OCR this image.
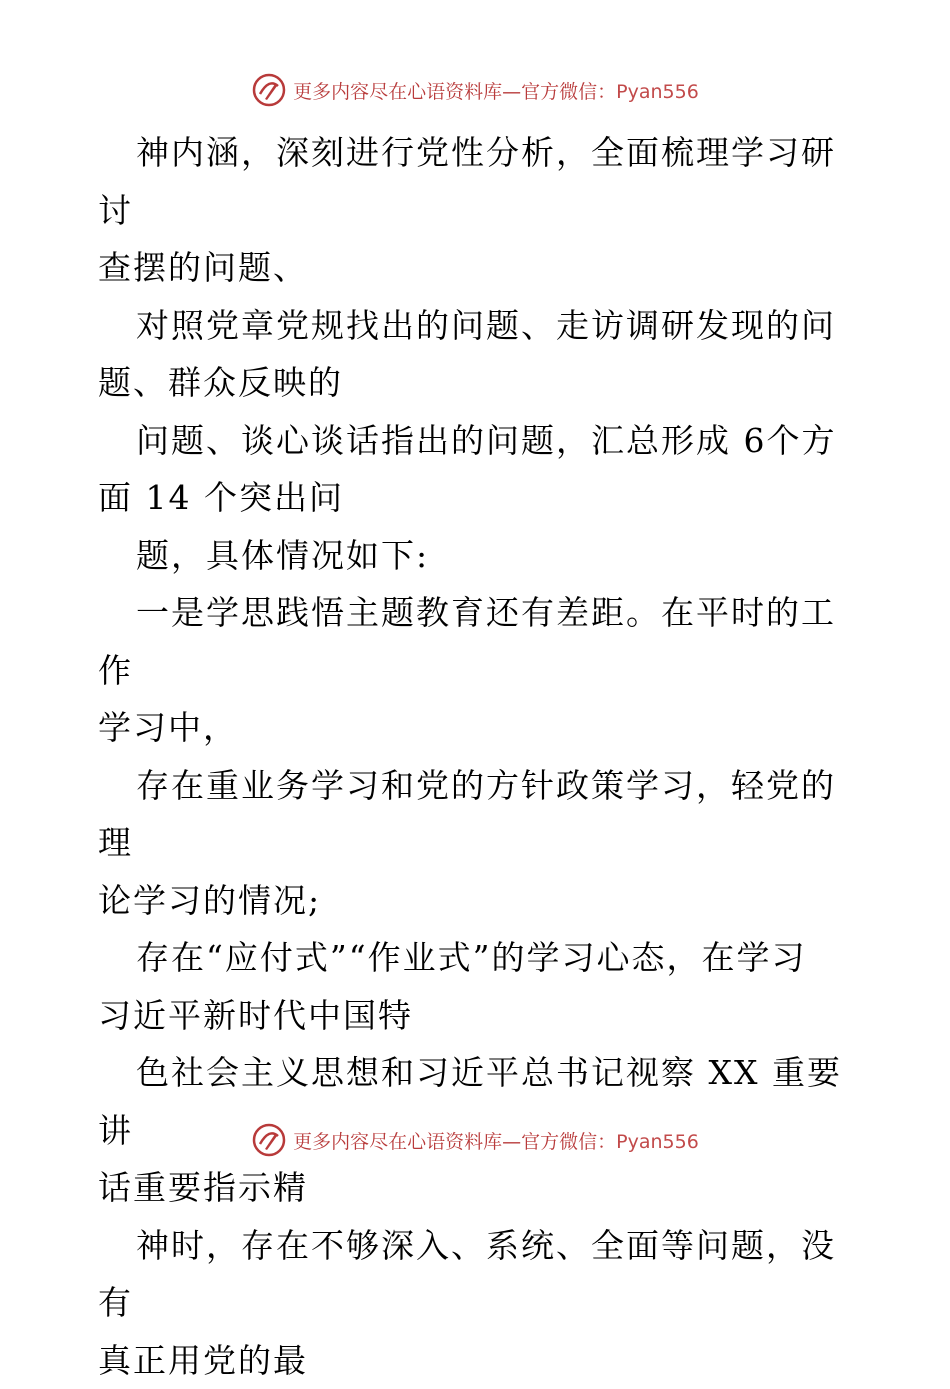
更多内容尽在心语资料库—官方微信：Pyan556

神内涵，深刻进行党性分析，全面梳理学习研讨
查摆的问题、

对照党章党规找出的问题、走访调研发现的问
题、群众反映的

问题、谈心谈话指出的问题，汇总形成 6个方
面 14 个突出问

题，具体情况如下:

一是学思践悟主题教育还有差距。在平时的工作
学习中，

存在重业务学习和党的方针政策学习，轻党的理
论学习的情况;

存在“应付式”“作业式”的学习心态，在学习
习近平新时代中国特

色社会主义思想和习近平总书记视察 XX 重要讲
话重要指示精

神时，存在不够深入、系统、全面等问题，没有
真正用党的最

更多内容尽在心语资料库—官方微信：Pyan556
